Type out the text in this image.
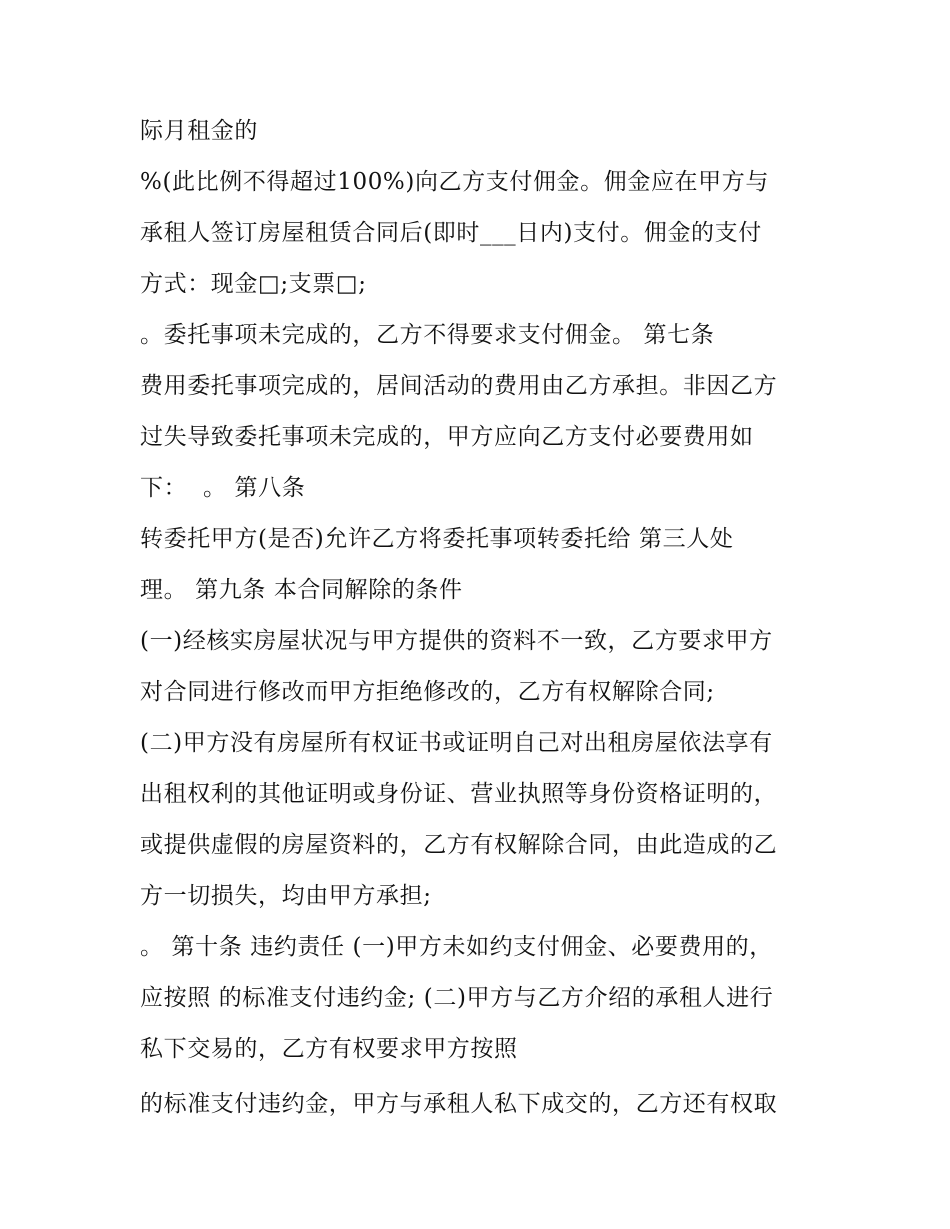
际月租金的
%(此比例不得超过100%)向乙方支付佣金。佣金应在甲方与
承租人签订房屋租赁合同后(即时___日内)支付。佣金的支付
方式：现金□;支票□;
。委托事项未完成的，乙方不得要求支付佣金。 第七条
费用委托事项完成的，居间活动的费用由乙方承担。非因乙方
过失导致委托事项未完成的，甲方应向乙方支付必要费用如
下：  。 第八条
转委托甲方(是否)允许乙方将委托事项转委托给 第三人处
理。 第九条 本合同解除的条件
(一)经核实房屋状况与甲方提供的资料不一致，乙方要求甲方
对合同进行修改而甲方拒绝修改的，乙方有权解除合同;
(二)甲方没有房屋所有权证书或证明自己对出租房屋依法享有
出租权利的其他证明或身份证、营业执照等身份资格证明的，
或提供虚假的房屋资料的，乙方有权解除合同，由此造成的乙
方一切损失，均由甲方承担;
。 第十条 违约责任 (一)甲方未如约支付佣金、必要费用的，
应按照 的标准支付违约金; (二)甲方与乙方介绍的承租人进行
私下交易的，乙方有权要求甲方按照
的标准支付违约金，甲方与承租人私下成交的，乙方还有权取
